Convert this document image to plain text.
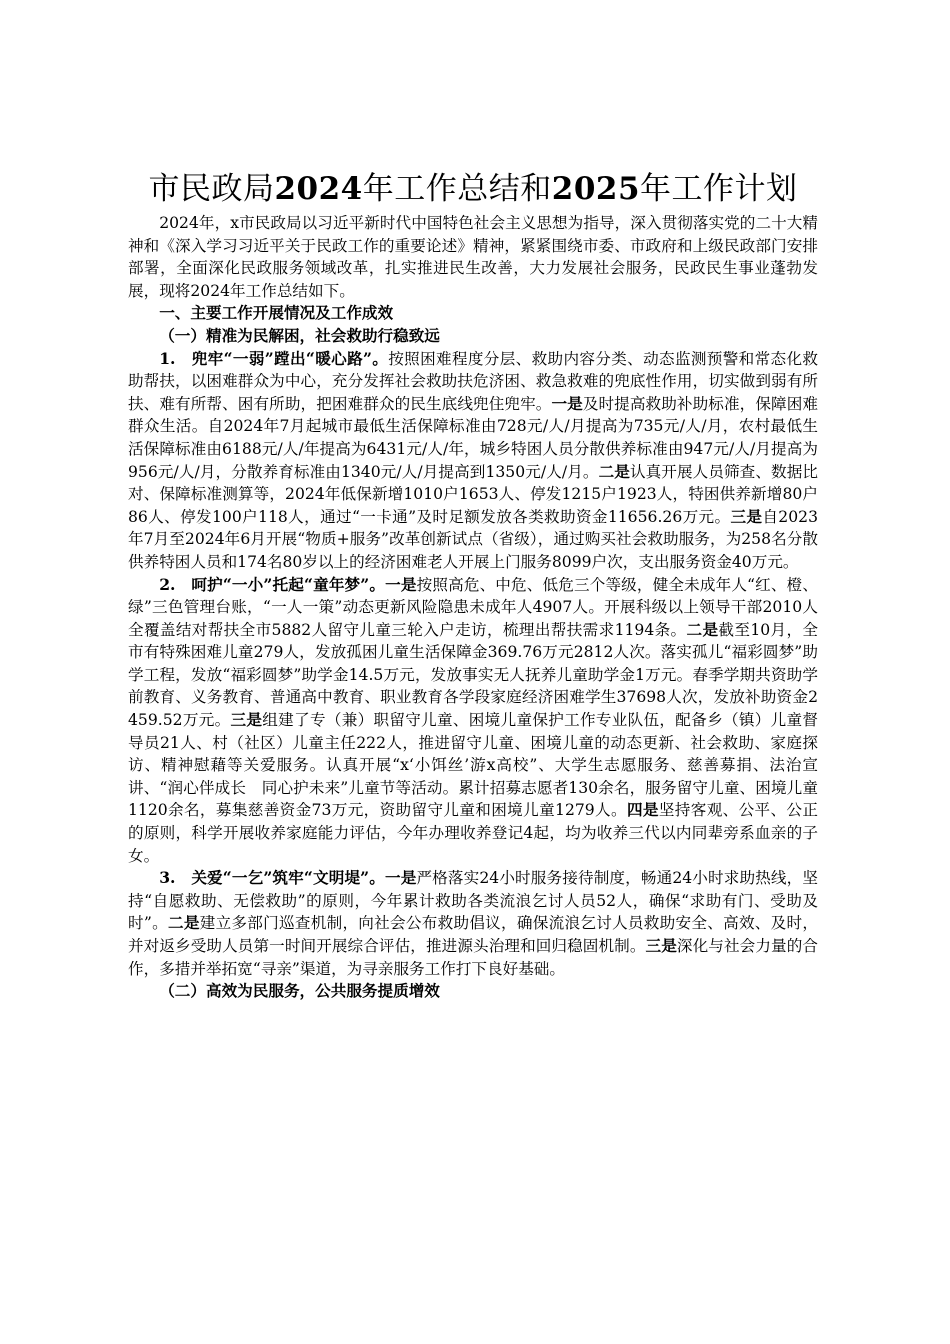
市民政局2024年工作总结和2025年工作计划

2024年，x市民政局以习近平新时代中国特色社会主义思想为指导，深入贯彻落实党的二十大精神和《深入学习习近平关于民政工作的重要论述》精神，紧紧围绕市委、市政府和上级民政部门安排部署，全面深化民政服务领域改革，扎实推进民生改善，大力发展社会服务，民政民生事业蓬勃发展，现将2024年工作总结如下。

一、主要工作开展情况及工作成效

（一）精准为民解困，社会救助行稳致远

1.　兜牢“一弱”蹚出“暖心路”。按照困难程度分层、救助内容分类、动态监测预警和常态化救助帮扶，以困难群众为中心，充分发挥社会救助扶危济困、救急救难的兜底性作用，切实做到弱有所扶、难有所帮、困有所助，把困难群众的民生底线兜住兜牢。一是及时提高救助补助标准，保障困难群众生活。自2024年7月起城市最低生活保障标准由728元/人/月提高为735元/人/月，农村最低生活保障标准由6188元/人/年提高为6431元/人/年，城乡特困人员分散供养标准由947元/人/月提高为956元/人/月，分散养育标准由1340元/人/月提高到1350元/人/月。二是认真开展人员筛查、数据比对、保障标准测算等，2024年低保新增1010户1653人、停发1215户1923人，特困供养新增80户86人、停发100户118人，通过“一卡通”及时足额发放各类救助资金11656.26万元。三是自2023年7月至2024年6月开展“物质+服务”改革创新试点（省级），通过购买社会救助服务，为258名分散供养特困人员和174名80岁以上的经济困难老人开展上门服务8099户次，支出服务资金40万元。

2.　呵护“一小”托起“童年梦”。一是按照高危、中危、低危三个等级，健全未成年人“红、橙、绿”三色管理台账，“一人一策”动态更新风险隐患未成年人4907人。开展科级以上领导干部2010人全覆盖结对帮扶全市5882人留守儿童三轮入户走访，梳理出帮扶需求1194条。二是截至10月，全市有特殊困难儿童279人，发放孤困儿童生活保障金369.76万元2812人次。落实孤儿“福彩圆梦”助学工程，发放“福彩圆梦”助学金14.5万元，发放事实无人抚养儿童助学金1万元。春季学期共资助学前教育、义务教育、普通高中教育、职业教育各学段家庭经济困难学生37698人次，发放补助资金2459.52万元。三是组建了专（兼）职留守儿童、困境儿童保护工作专业队伍，配备乡（镇）儿童督导员21人、村（社区）儿童主任222人，推进留守儿童、困境儿童的动态更新、社会救助、家庭探访、精神慰藉等关爱服务。认真开展“x‘小饵丝’游x高校”、大学生志愿服务、慈善募捐、法治宣讲、“润心伴成长　同心护未来”儿童节等活动。累计招募志愿者130余名，服务留守儿童、困境儿童1120余名，募集慈善资金73万元，资助留守儿童和困境儿童1279人。四是坚持客观、公平、公正的原则，科学开展收养家庭能力评估，今年办理收养登记4起，均为收养三代以内同辈旁系血亲的子女。

3.　关爱“一乞”筑牢“文明堤”。一是严格落实24小时服务接待制度，畅通24小时求助热线，坚持“自愿救助、无偿救助”的原则，今年累计救助各类流浪乞讨人员52人，确保“求助有门、受助及时”。二是建立多部门巡查机制，向社会公布救助倡议，确保流浪乞讨人员救助安全、高效、及时，并对返乡受助人员第一时间开展综合评估，推进源头治理和回归稳固机制。三是深化与社会力量的合作，多措并举拓宽“寻亲”渠道，为寻亲服务工作打下良好基础。

（二）高效为民服务，公共服务提质增效
